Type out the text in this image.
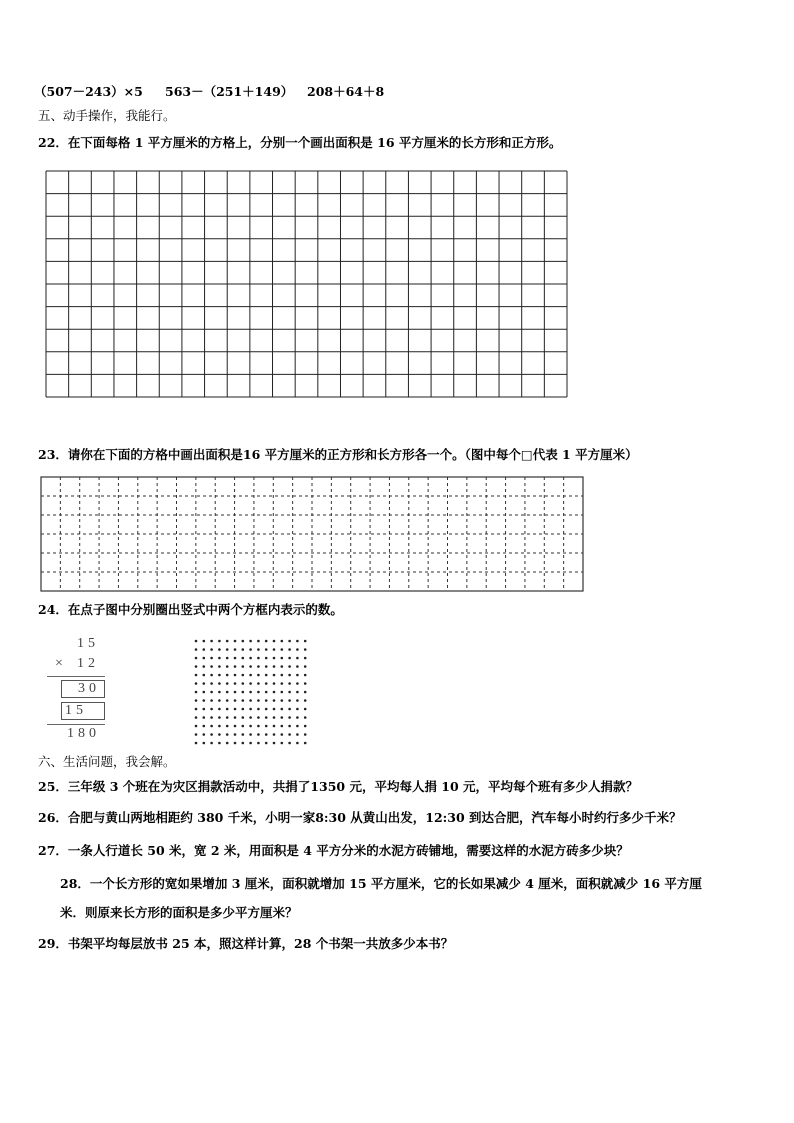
（507－243）×5 563－（251＋149） 208＋64＋8
五、动手操作，我能行。
22．在下面每格 1 平方厘米的方格上，分别一个画出面积是 16 平方厘米的长方形和正方形。
23．请你在下面的方格中画出面积是16 平方厘米的正方形和长方形各一个。（图中每个□代表 1 平方厘米）
24．在点子图中分别圈出竖式中两个方框内表示的数。
15
× 12
30
15
180
六、生活问题，我会解。
25．三年级 3 个班在为灾区捐款活动中，共捐了1350 元，平均每人捐 10 元，平均每个班有多少人捐款？
26．合肥与黄山两地相距约 380 千米，小明一家8:30 从黄山出发，12:30 到达合肥，汽车每小时约行多少千米？
27．一条人行道长 50 米，宽 2 米，用面积是 4 平方分米的水泥方砖铺地，需要这样的水泥方砖多少块？
28．一个长方形的宽如果增加 3 厘米，面积就增加 15 平方厘米，它的长如果减少 4 厘米，面积就减少 16 平方厘
米．则原来长方形的面积是多少平方厘米？
29．书架平均每层放书 25 本，照这样计算，28 个书架一共放多少本书？
